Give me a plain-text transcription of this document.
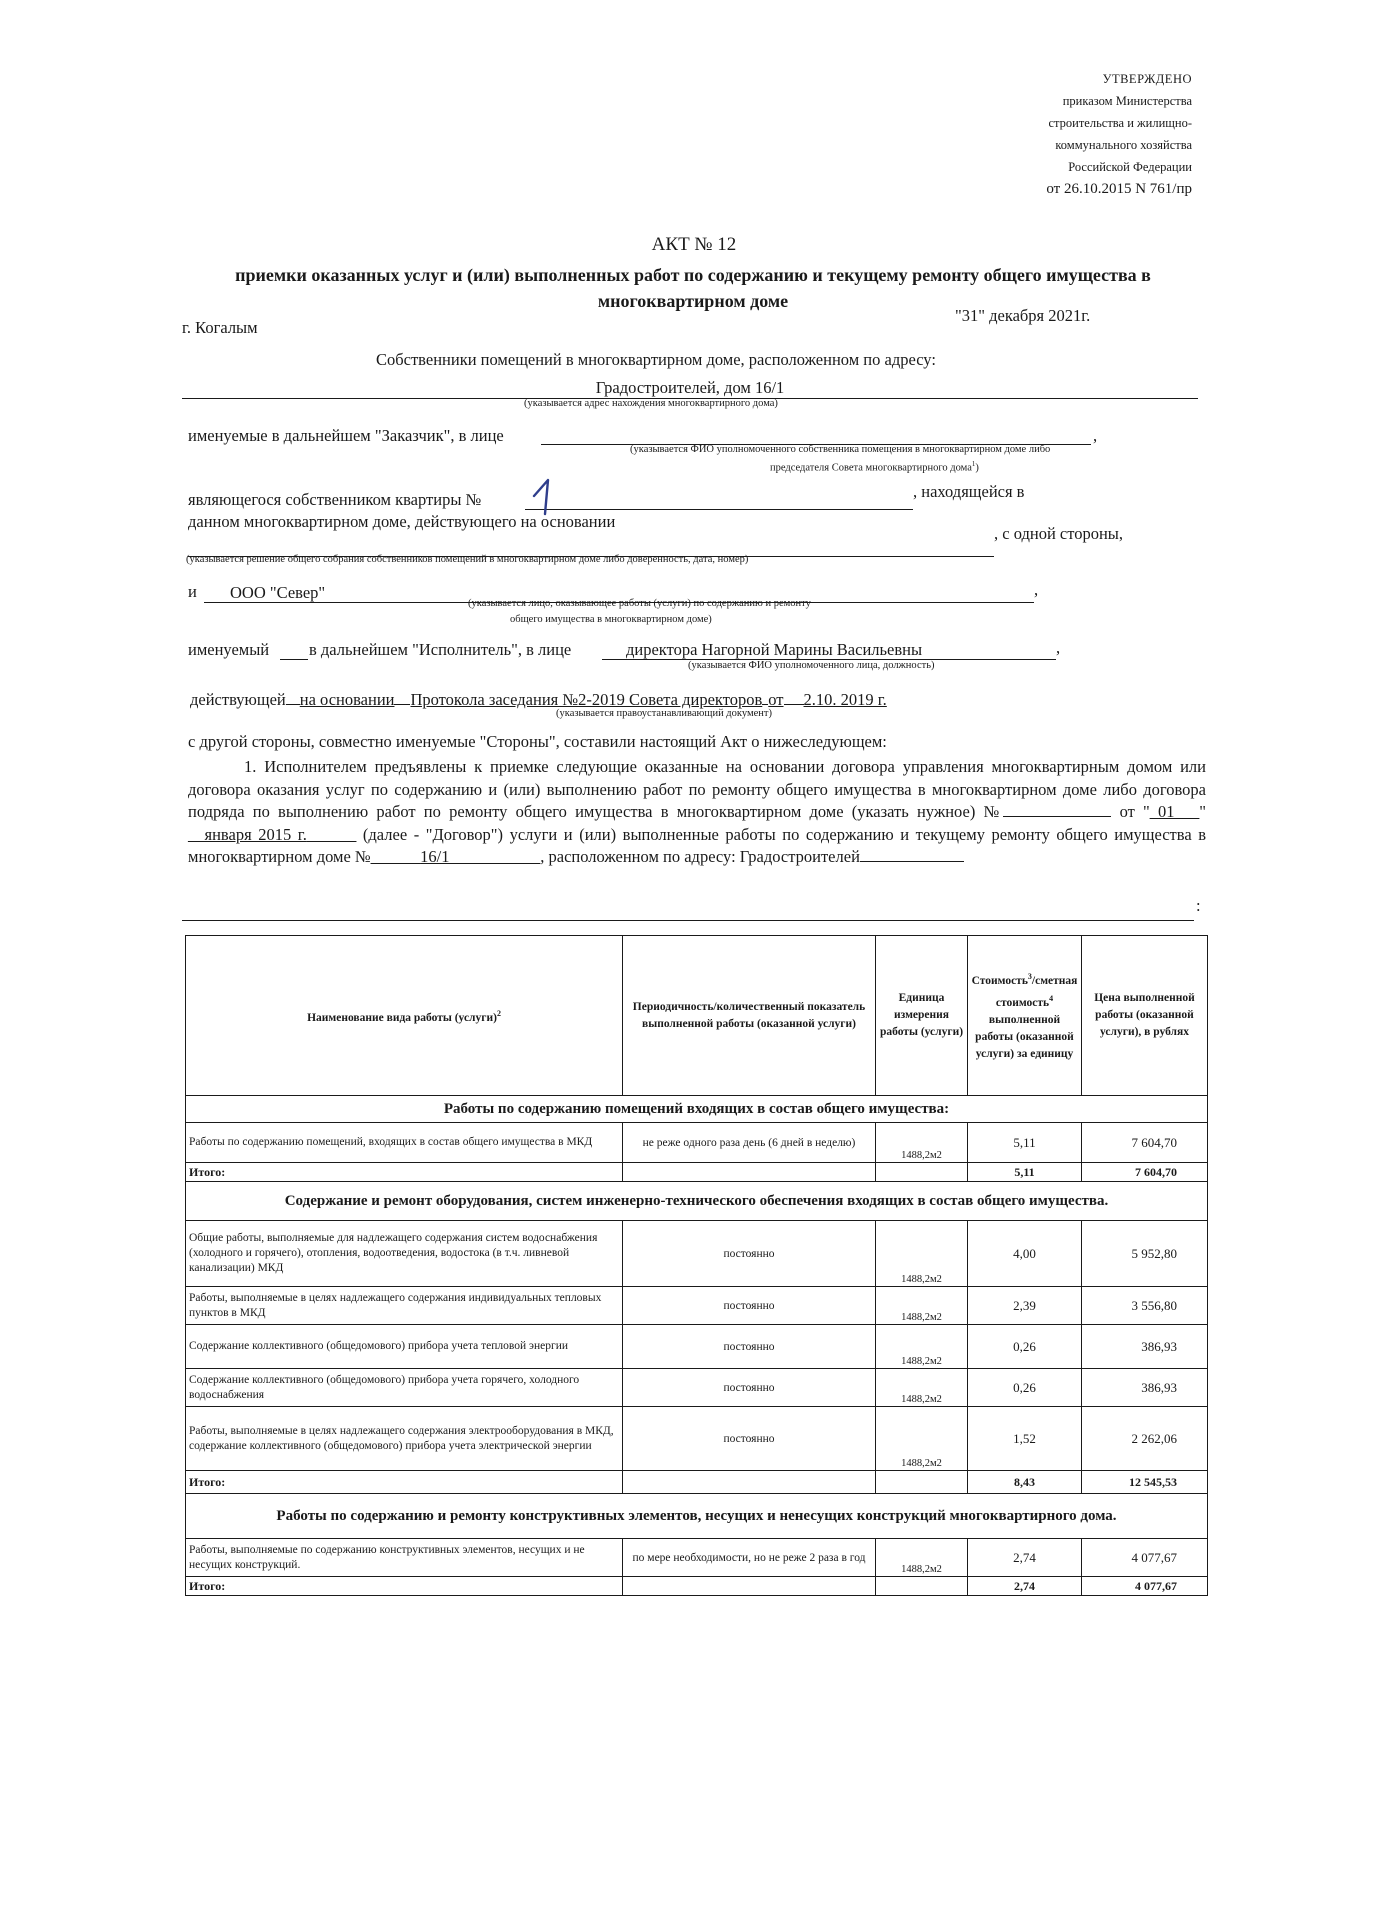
УТВЕРЖДЕНО
приказом Министерства
строительства и жилищно-
коммунального хозяйства
Российской Федерации
от 26.10.2015 N 761/пр
АКТ № 12
приемки оказанных услуг и (или) выполненных работ по содержанию и текущему ремонту общего имущества в многоквартирном доме
г. Когалым
"31" декабря 2021г.
Собственники помещений в многоквартирном доме, расположенном по адресу:
Градостроителей, дом 16/1
(указывается адрес нахождения многоквартирного дома)
именуемые в дальнейшем "Заказчик", в лице	,
(указывается ФИО уполномоченного собственника помещения в многоквартирном доме либо
председателя Совета многоквартирного дома$^1$)
являющегося собственником квартиры №	, находящейся в
данном многоквартирном доме, действующего на основании
, с одной стороны,
(указывается решение общего собрания собственников помещений в многоквартирном доме либо доверенность, дата, номер)
и ООО "Север"	,
(указывается лицо, оказывающее работы (услуги) по содержанию и ремонту
общего имущества в многоквартирном доме)
именуемый в дальнейшем "Исполнитель", в лице	директора Нагорной Марины Васильевны	,
(указывается ФИО уполномоченного лица, должность)
действующей на основании Протокола заседания №2-2019 Совета директоров от 2.10. 2019 г.
(указывается правоустанавливающий документ)
с другой стороны, совместно именуемые "Стороны", составили настоящий Акт о нижеследующем:

1. Исполнителем предъявлены к приемке следующие оказанные на основании договора управления многоквартирным домом или договора оказания услуг по содержанию и (или) выполнению работ по ремонту общего имущества в многоквартирном доме либо договора подряда по выполнению работ по ремонту общего имущества в многоквартирном доме (указать нужное) №	от "_01___" __января 2015 г.______ (далее - "Договор") услуги и (или) выполненные работы по содержанию и текущему ремонту общего имущества в многоквартирном доме №______16/1___________, расположенном по адресу: Градостроителей

:
Наименование вида работы (услуги)$^2$	Периодичность/количественный показатель выполненной работы (оказанной услуги)	Единица измерения работы (услуги)	Стоимость$^3$/сметная стоимость$^4$ выполненной работы (оказанной услуги) за единицу	Цена выполненной работы (оказанной услуги), в рублях
Работы по содержанию помещений входящих в состав общего имущества:				
Работы по содержанию помещений, входящих в состав общего имущества в МКД	не реже одного раза день (6 дней в неделю)	1488,2м2	5,11	7 604,70
Итого:			5,11	7 604,70
Содержание и ремонт оборудования, систем инженерно-технического обеспечения входящих в состав общего имущества.				
Общие работы, выполняемые для надлежащего содержания систем водоснабжения (холодного и горячего), отопления, водоотведения, водостока (в т.ч. ливневой канализации) МКД	постоянно	1488,2м2	4,00	5 952,80
Работы, выполняемые в целях надлежащего содержания индивидуальных тепловых пунктов в МКД	постоянно	1488,2м2	2,39	3 556,80
Содержание коллективного (общедомового) прибора учета тепловой энергии	постоянно	1488,2м2	0,26	386,93
Содержание коллективного (общедомового) прибора учета горячего, холодного водоснабжения	постоянно	1488,2м2	0,26	386,93
Работы, выполняемые в целях надлежащего содержания электрооборудования в МКД, содержание коллективного (общедомового) прибора учета электрической энергии	постоянно	1488,2м2	1,52	2 262,06
Итого:			8,43	12 545,53
Работы по содержанию и ремонту конструктивных элементов, несущих и ненесущих конструкций многоквартирного дома.				
Работы, выполняемые по содержанию конструктивных элементов, несущих и не несущих конструкций.	по мере необходимости, но не реже 2 раза в год	1488,2м2	2,74	4 077,67
Итого:			2,74	4 077,67
